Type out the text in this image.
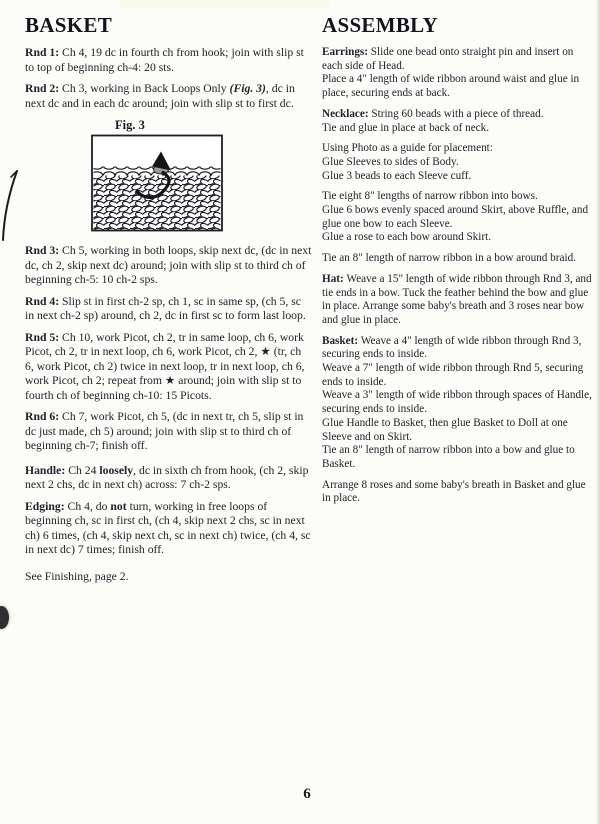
BASKET
Rnd 1: Ch 4, 19 dc in fourth ch from hook; join with slip st to top of beginning ch-4: 20 sts.
Rnd 2: Ch 3, working in Back Loops Only (Fig. 3), dc in next dc and in each dc around; join with slip st to first dc.
Fig. 3
Rnd 3: Ch 5, working in both loops, skip next dc, (dc in next dc, ch 2, skip next dc) around; join with slip st to third ch of beginning ch-5: 10 ch-2 sps.
Rnd 4: Slip st in first ch-2 sp, ch 1, sc in same sp, (ch 5, sc in next ch-2 sp) around, ch 2, dc in first sc to form last loop.
Rnd 5: Ch 10, work Picot, ch 2, tr in same loop, ch 6, work Picot, ch 2, tr in next loop, ch 6, work Picot, ch 2, ★ (tr, ch 6, work Picot, ch 2) twice in next loop, tr in next loop, ch 6, work Picot, ch 2; repeat from ★ around; join with slip st to fourth ch of beginning ch-10: 15 Picots.
Rnd 6: Ch 7, work Picot, ch 5, (dc in next tr, ch 5, slip st in dc just made, ch 5) around; join with slip st to third ch of beginning ch-7; finish off.
Handle: Ch 24 loosely, dc in sixth ch from hook, (ch 2, skip next 2 chs, dc in next ch) across: 7 ch-2 sps.
Edging: Ch 4, do not turn, working in free loops of beginning ch, sc in first ch, (ch 4, skip next 2 chs, sc in next ch) 6 times, (ch 4, skip next ch, sc in next ch) twice, (ch 4, sc in next dc) 7 times; finish off.
See Finishing, page 2.
ASSEMBLY
Earrings: Slide one bead onto straight pin and insert on each side of Head.
Place a 4" length of wide ribbon around waist and glue in place, securing ends at back.
Necklace: String 60 beads with a piece of thread.
Tie and glue in place at back of neck.
Using Photo as a guide for placement:
Glue Sleeves to sides of Body.
Glue 3 beads to each Sleeve cuff.
Tie eight 8" lengths of narrow ribbon into bows.
Glue 6 bows evenly spaced around Skirt, above Ruffle, and glue one bow to each Sleeve.
Glue a rose to each bow around Skirt.
Tie an 8" length of narrow ribbon in a bow around braid.
Hat: Weave a 15" length of wide ribbon through Rnd 3, and tie ends in a bow. Tuck the feather behind the bow and glue in place. Arrange some baby's breath and 3 roses near bow and glue in place.
Basket: Weave a 4" length of wide ribbon through Rnd 3, securing ends to inside.
Weave a 7" length of wide ribbon through Rnd 5, securing ends to inside.
Weave a 3" length of wide ribbon through spaces of Handle, securing ends to inside.
Glue Handle to Basket, then glue Basket to Doll at one Sleeve and on Skirt.
Tie an 8" length of narrow ribbon into a bow and glue to Basket.
Arrange 8 roses and some baby's breath in Basket and glue in place.
6
